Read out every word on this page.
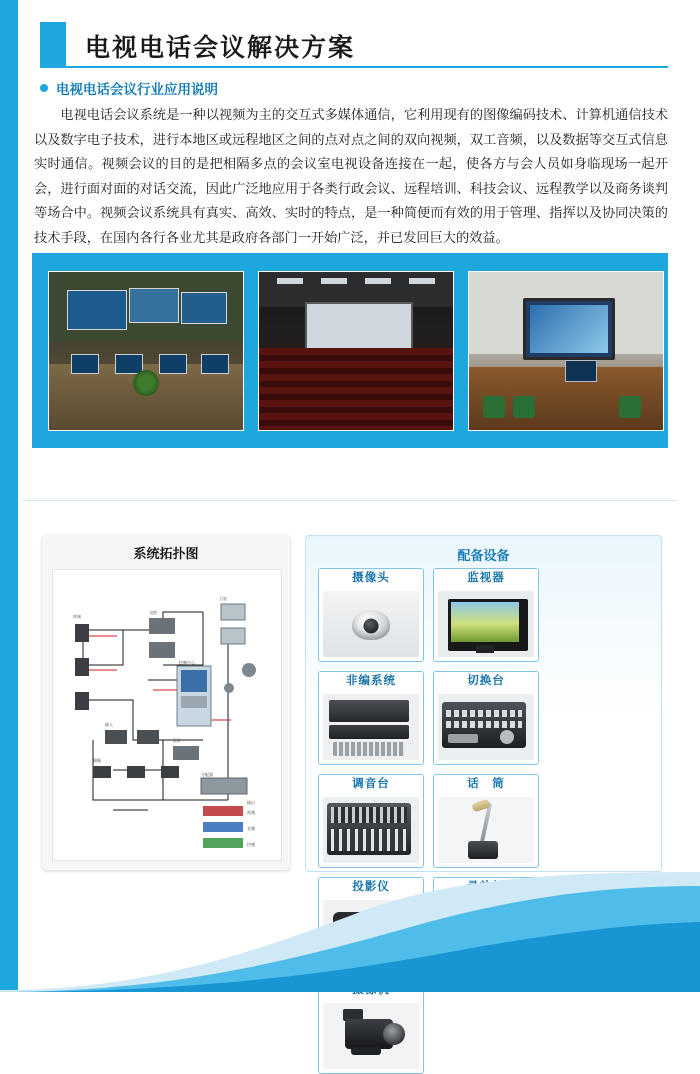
电视电话会议解决方案
电视电话会议行业应用说明
电视电话会议系统是一种以视频为主的交互式多媒体通信，它利用现有的图像编码技术、计算机通信技术以及数字电子技术，进行本地区或远程地区之间的点对点之间的双向视频，双工音频，以及数据等交互式信息实时通信。视频会议的目的是把相隔多点的会议室电视设备连接在一起，使各方与会人员如身临现场一起开会，进行面对面的对话交流，因此广泛地应用于各类行政会议、远程培训、科技会议、远程教学以及商务谈判等场合中。视频会议系统具有真实、高效、实时的特点，是一种简便而有效的用于管理、指挥以及协同决策的技术手段，在国内各行各业尤其是政府各部门一开始广泛，并已发回巨大的效益。
系统拓扑图
终端
交换
控制中心
输入
矩阵
分配器
卫星
输出
摄像
视频
音频
控制
配备设备
摄像头	监视器
非编系统	切换台
调音台	话　筒
投影仪
